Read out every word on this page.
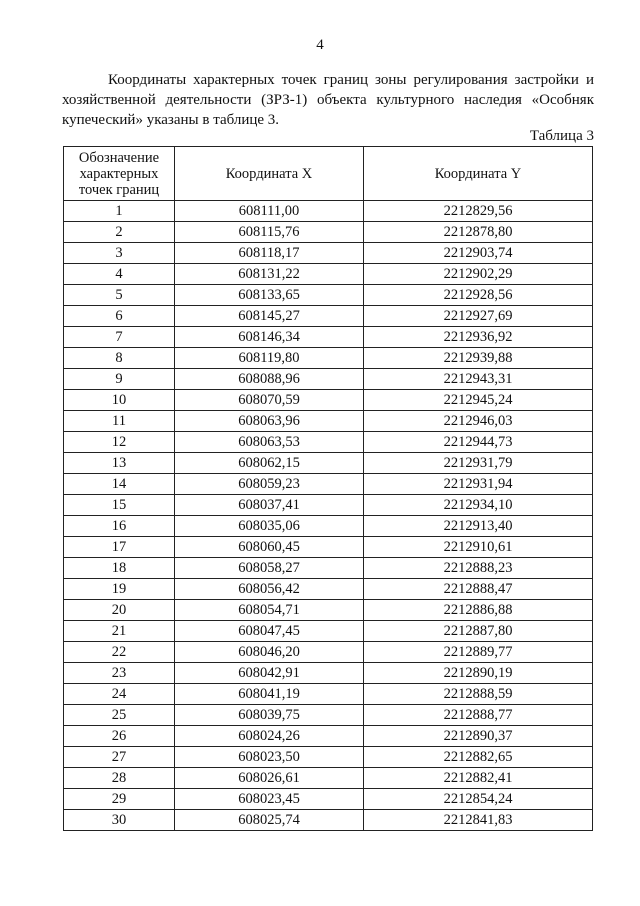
4

Координаты характерных точек границ зоны регулирования застройки и хозяйственной деятельности (ЗРЗ-1) объекта культурного наследия «Особняк купеческий» указаны в таблице 3.

Таблица 3
Обозначение характерных точек границ	Координата X	Координата Y
1	608111,00	2212829,56
2	608115,76	2212878,80
3	608118,17	2212903,74
4	608131,22	2212902,29
5	608133,65	2212928,56
6	608145,27	2212927,69
7	608146,34	2212936,92
8	608119,80	2212939,88
9	608088,96	2212943,31
10	608070,59	2212945,24
11	608063,96	2212946,03
12	608063,53	2212944,73
13	608062,15	2212931,79
14	608059,23	2212931,94
15	608037,41	2212934,10
16	608035,06	2212913,40
17	608060,45	2212910,61
18	608058,27	2212888,23
19	608056,42	2212888,47
20	608054,71	2212886,88
21	608047,45	2212887,80
22	608046,20	2212889,77
23	608042,91	2212890,19
24	608041,19	2212888,59
25	608039,75	2212888,77
26	608024,26	2212890,37
27	608023,50	2212882,65
28	608026,61	2212882,41
29	608023,45	2212854,24
30	608025,74	2212841,83
